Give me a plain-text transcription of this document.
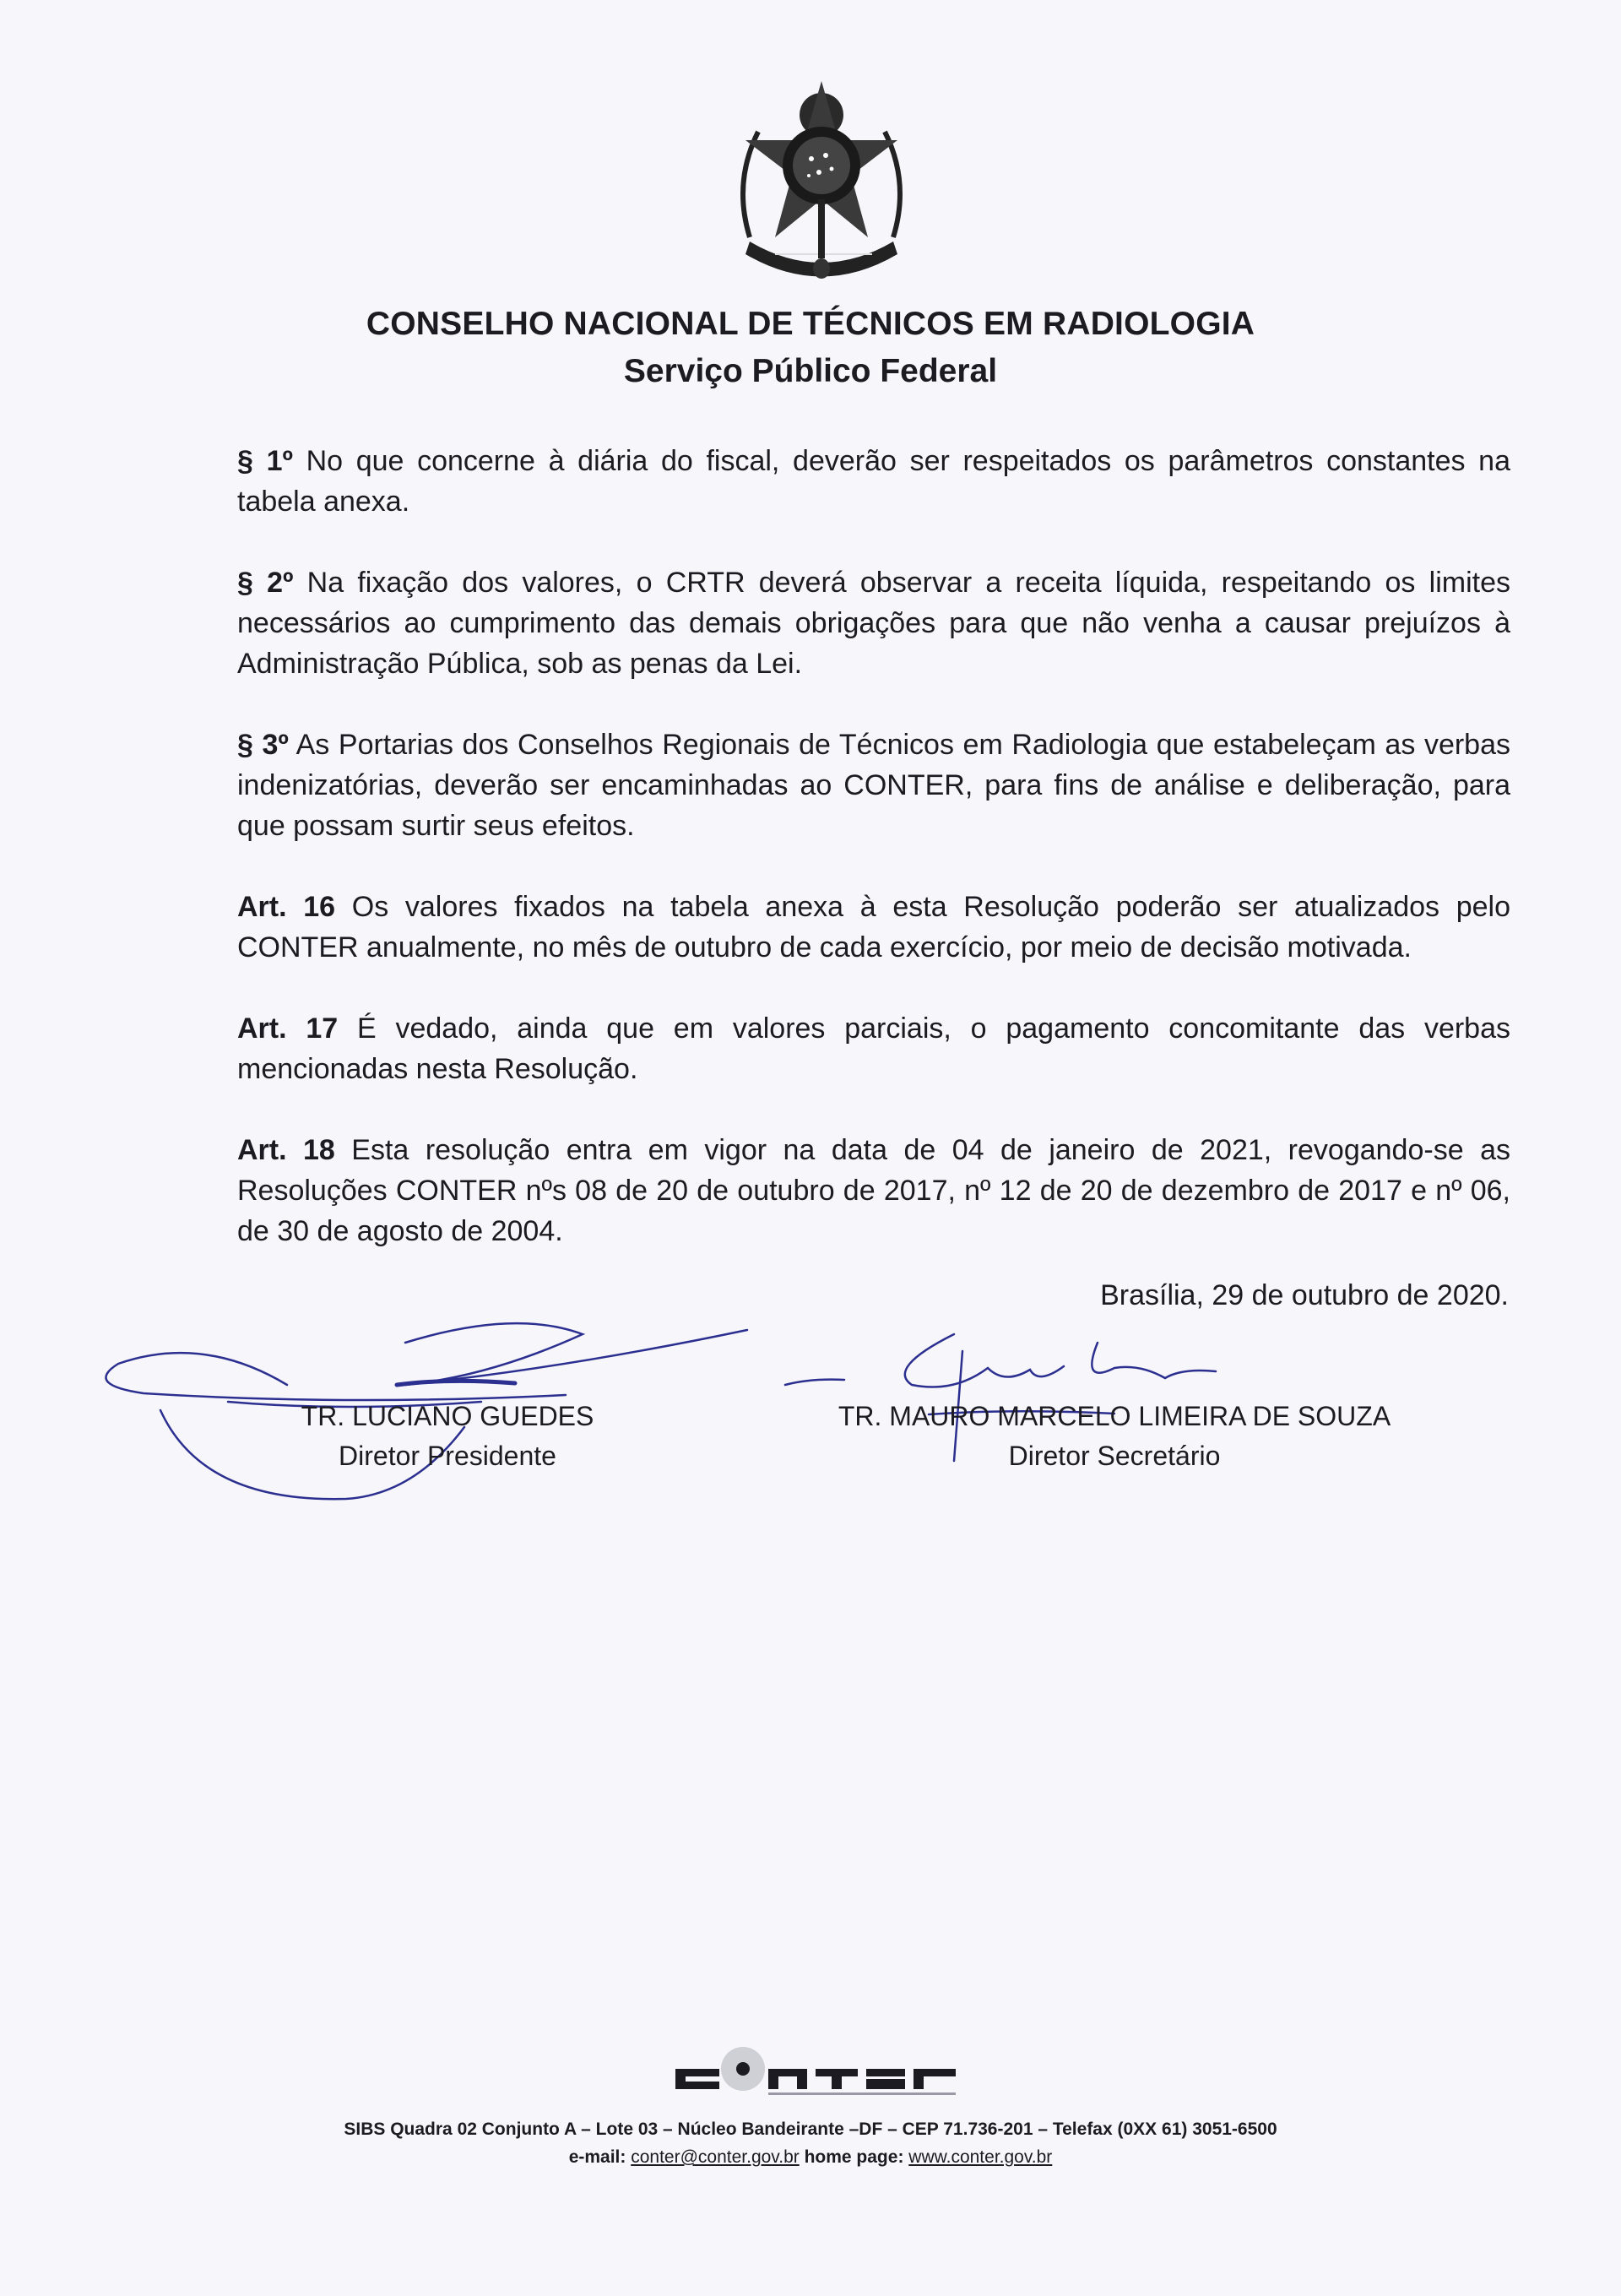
CONSELHO NACIONAL DE TÉCNICOS EM RADIOLOGIA
Serviço Público Federal

§ 1º No que concerne à diária do fiscal, deverão ser respeitados os parâmetros constantes na tabela anexa.

§ 2º Na fixação dos valores, o CRTR deverá observar a receita líquida, respeitando os limites necessários ao cumprimento das demais obrigações para que não venha a causar prejuízos à Administração Pública, sob as penas da Lei.

§ 3º As Portarias dos Conselhos Regionais de Técnicos em Radiologia que estabeleçam as verbas indenizatórias, deverão ser encaminhadas ao CONTER, para fins de análise e deliberação, para que possam surtir seus efeitos.

Art. 16 Os valores fixados na tabela anexa à esta Resolução poderão ser atualizados pelo CONTER anualmente, no mês de outubro de cada exercício, por meio de decisão motivada.

Art. 17 É vedado, ainda que em valores parciais, o pagamento concomitante das verbas mencionadas nesta Resolução.

Art. 18 Esta resolução entra em vigor na data de 04 de janeiro de 2021, revogando-se as Resoluções CONTER nºs 08 de 20 de outubro de 2017, nº 12 de 20 de dezembro de 2017 e nº 06, de 30 de agosto de 2004.

Brasília, 29 de outubro de 2020.
TR. LUCIANO GUEDES
Diretor Presidente
TR. MAURO MARCELO LIMEIRA DE SOUZA
Diretor Secretário
SIBS Quadra 02 Conjunto A – Lote 03 – Núcleo Bandeirante –DF – CEP 71.736-201 – Telefax (0XX 61) 3051-6500
e-mail: conter@conter.gov.br home page: www.conter.gov.br
